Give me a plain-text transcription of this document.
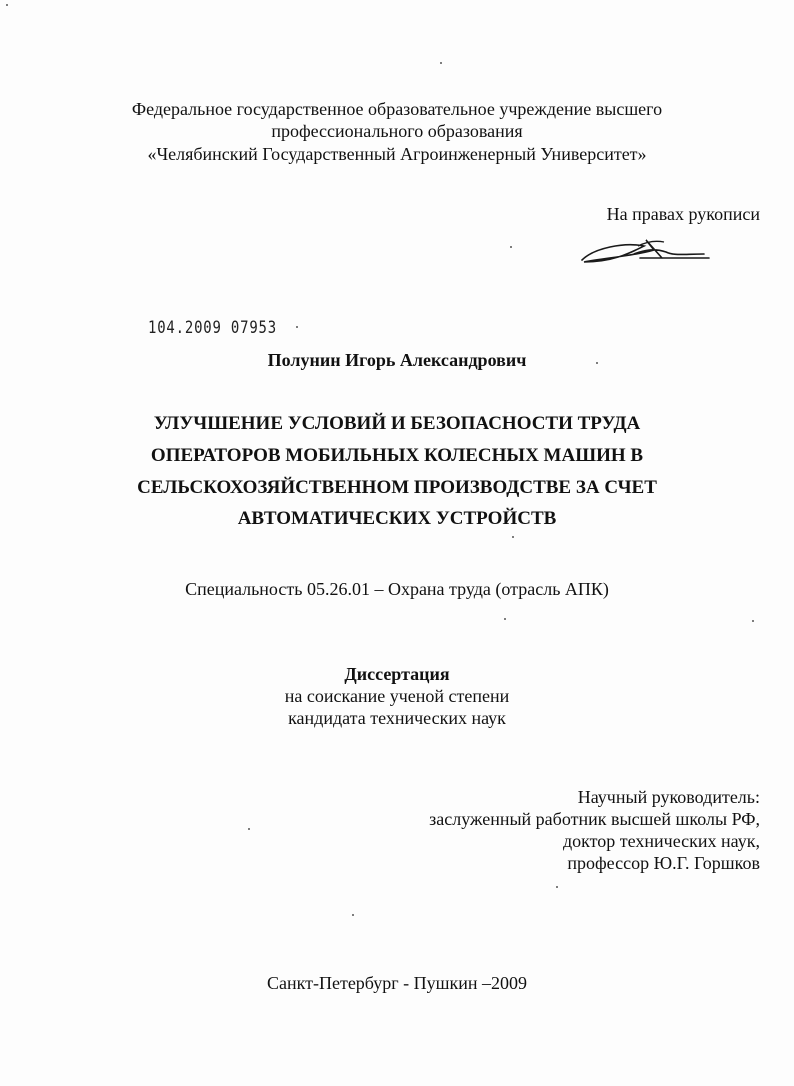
Федеральное государственное образовательное учреждение высшего
профессионального образования
«Челябинский Государственный Агроинженерный Университет»
На правах рукописи
104.2009 07953
Полунин Игорь Александрович
УЛУЧШЕНИЕ УСЛОВИЙ И БЕЗОПАСНОСТИ ТРУДА
ОПЕРАТОРОВ МОБИЛЬНЫХ КОЛЕСНЫХ МАШИН В
СЕЛЬСКОХОЗЯЙСТВЕННОМ ПРОИЗВОДСТВЕ ЗА СЧЕТ
АВТОМАТИЧЕСКИХ УСТРОЙСТВ
Специальность 05.26.01 – Охрана труда (отрасль АПК)
Диссертация
на соискание ученой степени
кандидата технических наук
Научный руководитель:
заслуженный работник высшей школы РФ,
доктор технических наук,
профессор Ю.Г. Горшков
Санкт-Петербург - Пушкин –2009
